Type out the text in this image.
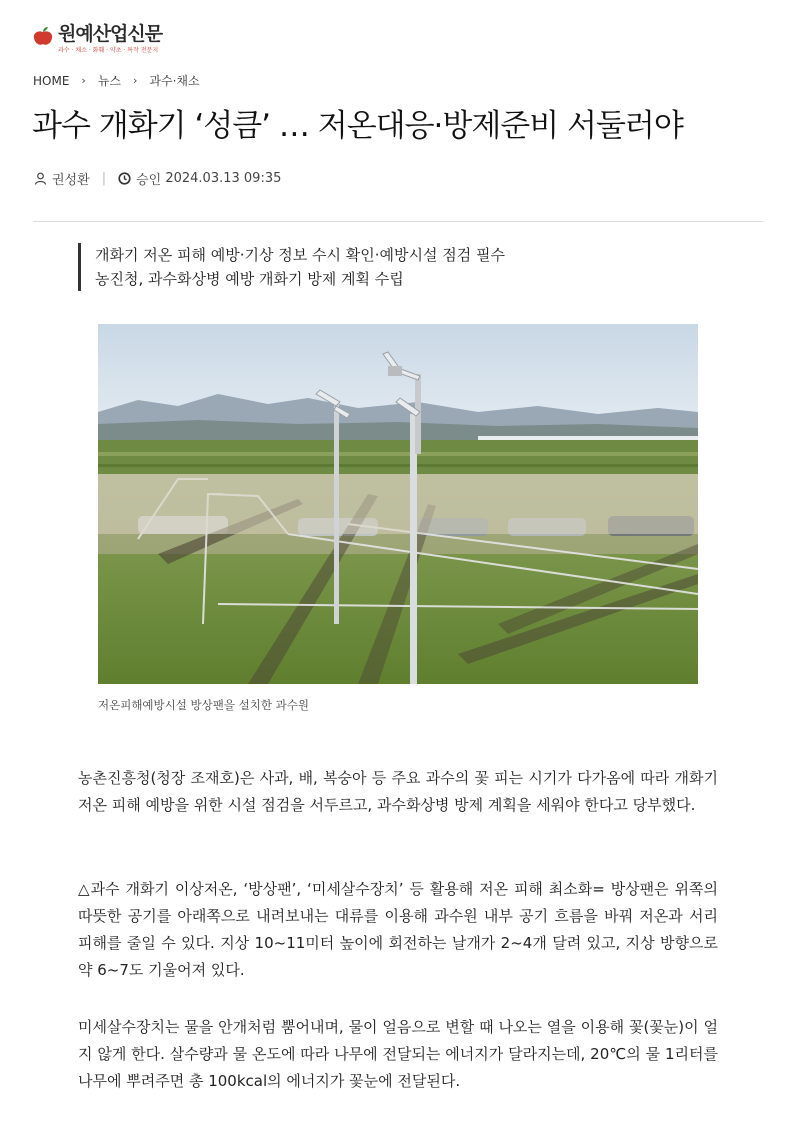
원예산업신문
과수 · 채소 · 화훼 · 약초 · 특작 전문지
HOME › 뉴스 › 과수·채소
과수 개화기 ‘성큼’ … 저온대응·방제준비 서둘러야
권성환 | 승인
2024.03.13 09:35
개화기 저온 피해 예방·기상 정보 수시 확인·예방시설 점검 필수
농진청, 과수화상병 예방 개화기 방제 계획 수립
저온피해예방시설 방상팬을 설치한 과수원

농촌진흥청(청장 조재호)은 사과, 배, 복숭아 등 주요 과수의 꽃 피는 시기가 다가옴에 따라 개화기 저온 피해 예방을 위한 시설 점검을 서두르고, 과수화상병 방제 계획을 세워야 한다고 당부했다.

△과수 개화기 이상저온, ‘방상팬’, ‘미세살수장치’ 등 활용해 저온 피해 최소화= 방상팬은 위쪽의 따뜻한 공기를 아래쪽으로 내려보내는 대류를 이용해 과수원 내부 공기 흐름을 바꿔 저온과 서리 피해를 줄일 수 있다. 지상 10~11미터 높이에 회전하는 날개가 2~4개 달려 있고, 지상 방향으로 약 6~7도 기울어져 있다.

미세살수장치는 물을 안개처럼 뿜어내며, 물이 얼음으로 변할 때 나오는 열을 이용해 꽃(꽃눈)이 얼지 않게 한다. 살수량과 물 온도에 따라 나무에 전달되는 에너지가 달라지는데, 20℃의 물 1리터를 나무에 뿌려주면 총 100kcal의 에너지가 꽃눈에 전달된다.
